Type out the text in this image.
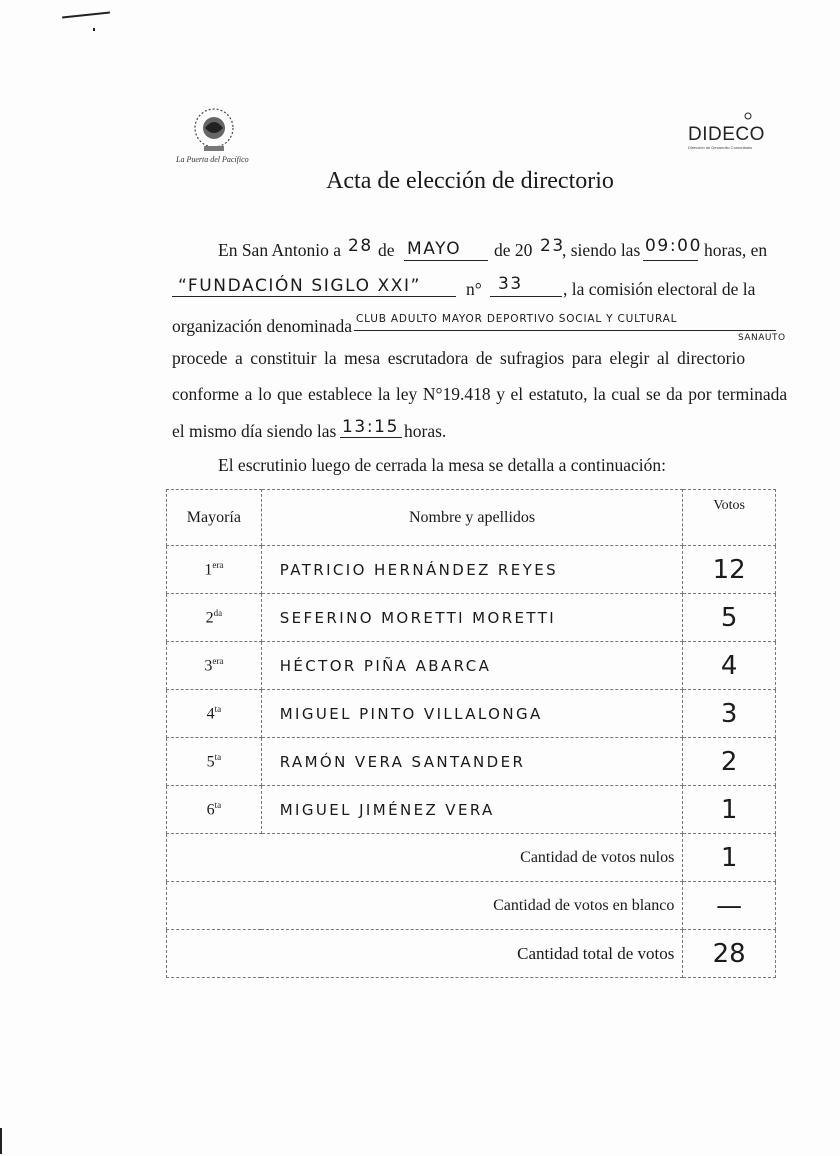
La Puerta del Pacífico
DIDECO
Dirección de Desarrollo Comunitario
Acta de elección de directorio
En San Antonio a 28 de MAYO de 20 23
, siendo las 09:00 horas, en
“FUNDACIÓN SIGLO XXI”	n° 33 , la comisión electoral de la
organización denominada CLUB ADULTO MAYOR DEPORTIVO SOCIAL Y CULTURAL
SANAUTO
procede a constituir la mesa escrutadora de sufragios para elegir al directorio
conforme a lo que establece la ley N°19.418 y el estatuto, la cual se da por terminada
el mismo día siendo las 13:15 horas.
El escrutinio luego de cerrada la mesa se detalla a continuación:
Mayoría	Nombre y apellidos	Votos
$1^{era}$	PATRICIO HERNÁNDEZ REYES	12
$2^{da}$	SEFERINO MORETTI MORETTI	5
$3^{era}$	HÉCTOR PIÑA ABARCA	4
$4^{ta}$	MIGUEL PINTO VILLALONGA	3
$5^{ta}$	RAMÓN VERA SANTANDER	2
$6^{ta}$	MIGUEL JIMÉNEZ VERA	1
Cantidad de votos nulos		1
Cantidad de votos en blanco		—
Cantidad total de votos		28
